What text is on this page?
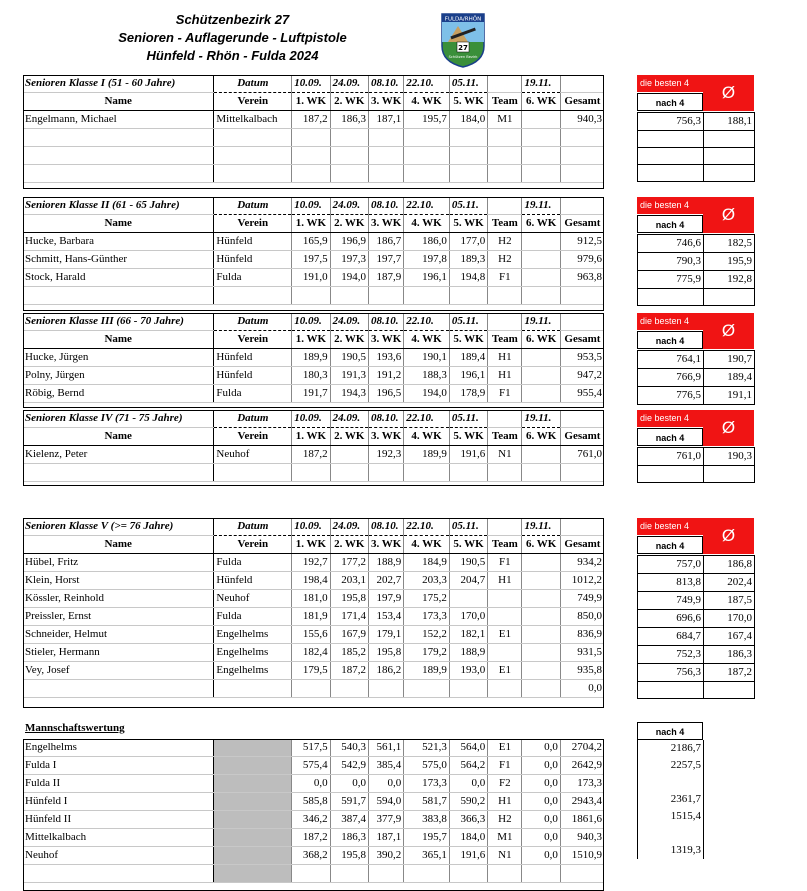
Schützenbezirk 27
Senioren - Auflagerunde - Luftpistole
Hünfeld - Rhön - Fulda 2024
FULDA/RHÖN
27
Schützen Bezirk
Senioren Klasse I (51 - 60 Jahre)	Datum	10.09.	24.09.	08.10.	22.10.	05.11.		19.11.	
Name	Verein	1. WK	2. WK	3. WK	4. WK	5. WK	Team	6. WK	Gesamt
Engelmann, Michael	Mittelkalbach	187,2	186,3	187,1	195,7	184,0	M1		940,3

die besten 4	Ø
nach 4
756,3	188,1

Senioren Klasse II (61 - 65 Jahre)	Datum	10.09.	24.09.	08.10.	22.10.	05.11.		19.11.	
Name	Verein	1. WK	2. WK	3. WK	4. WK	5. WK	Team	6. WK	Gesamt
Hucke, Barbara	Hünfeld	165,9	196,9	186,7	186,0	177,0	H2		912,5
Schmitt, Hans-Günther	Hünfeld	197,5	197,3	197,7	197,8	189,3	H2		979,6
Stock, Harald	Fulda	191,0	194,0	187,9	196,1	194,8	F1		963,8

die besten 4	Ø
nach 4
746,6	182,5
790,3	195,9
775,9	192,8

Senioren Klasse III (66 - 70 Jahre)	Datum	10.09.	24.09.	08.10.	22.10.	05.11.		19.11.	
Name	Verein	1. WK	2. WK	3. WK	4. WK	5. WK	Team	6. WK	Gesamt
Hucke, Jürgen	Hünfeld	189,9	190,5	193,6	190,1	189,4	H1		953,5
Polny, Jürgen	Hünfeld	180,3	191,3	191,2	188,3	196,1	H1		947,2
Röbig, Bernd	Fulda	191,7	194,3	196,5	194,0	178,9	F1		955,4
die besten 4	Ø
nach 4
764,1	190,7
766,9	189,4
776,5	191,1
Senioren Klasse IV (71 - 75 Jahre)	Datum	10.09.	24.09.	08.10.	22.10.	05.11.		19.11.	
Name	Verein	1. WK	2. WK	3. WK	4. WK	5. WK	Team	6. WK	Gesamt
Kielenz, Peter	Neuhof	187,2		192,3	189,9	191,6	N1		761,0

die besten 4	Ø
nach 4
761,0	190,3

Senioren Klasse V (>= 76 Jahre)	Datum	10.09.	24.09.	08.10.	22.10.	05.11.		19.11.	
Name	Verein	1. WK	2. WK	3. WK	4. WK	5. WK	Team	6. WK	Gesamt
Hübel, Fritz	Fulda	192,7	177,2	188,9	184,9	190,5	F1		934,2
Klein, Horst	Hünfeld	198,4	203,1	202,7	203,3	204,7	H1		1012,2
Kössler, Reinhold	Neuhof	181,0	195,8	197,9	175,2				749,9
Preissler, Ernst	Fulda	181,9	171,4	153,4	173,3	170,0			850,0
Schneider, Helmut	Engelhelms	155,6	167,9	179,1	152,2	182,1	E1		836,9
Stieler, Hermann	Engelhelms	182,4	185,2	195,8	179,2	188,9			931,5
Vey, Josef	Engelhelms	179,5	187,2	186,2	189,9	193,0	E1		935,8
									0,0
die besten 4	Ø
nach 4
757,0	186,8
813,8	202,4
749,9	187,5
696,6	170,0
684,7	167,4
752,3	186,3
756,3	187,2

Mannschaftswertung
Engelhelms		517,5	540,3	561,1	521,3	564,0	E1	0,0	2704,2
Fulda I		575,4	542,9	385,4	575,0	564,2	F1	0,0	2642,9
Fulda II		0,0	0,0	0,0	173,3	0,0	F2	0,0	173,3
Hünfeld I		585,8	591,7	594,0	581,7	590,2	H1	0,0	2943,4
Hünfeld II		346,2	387,4	377,9	383,8	366,3	H2	0,0	1861,6
Mittelkalbach		187,2	186,3	187,1	195,7	184,0	M1	0,0	940,3
Neuhof		368,2	195,8	390,2	365,1	191,6	N1	0,0	1510,9

nach 4
2186,7
2257,5

2361,7
1515,4

1319,3
